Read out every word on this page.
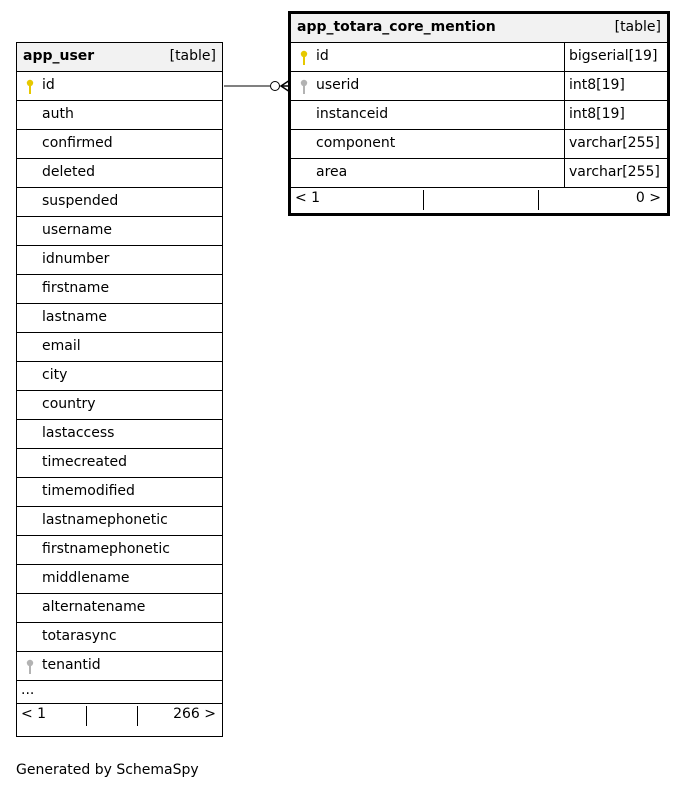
app_user	[table]
id
auth
confirmed
deleted
suspended
username
idnumber
firstname
lastname
email
city
country
lastaccess
timecreated
timemodified
lastnamephonetic
firstnamephonetic
middlename
alternatename
totarasync
tenantid
...
< 1	266 >
app_totara_core_mention	[table]
id	bigserial[19]
userid	int8[19]
instanceid	int8[19]
component	varchar[255]
area	varchar[255]
< 1	0 >
Generated by SchemaSpy
